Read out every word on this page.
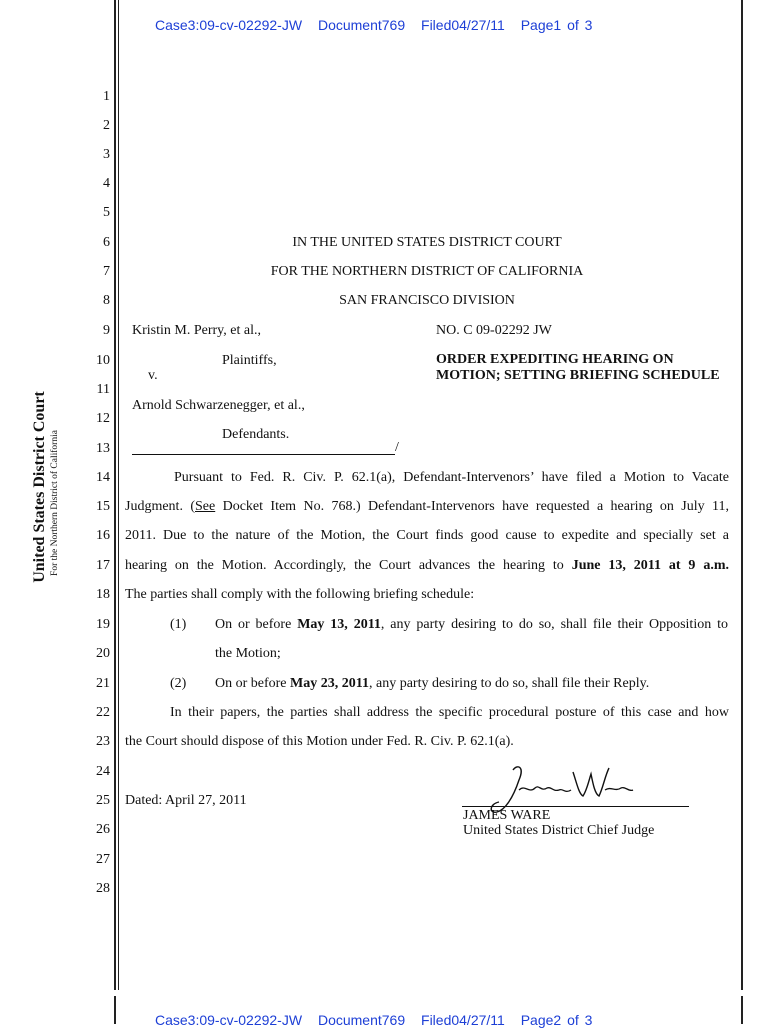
Case3:09-cv-02292-JW Document769 Filed04/27/11 Page1 of 3
United States District Court For the Northern District of California
1
2
3
4
5
6
7
8
9
10
11
12
13
14
15
16
17
18
19
20
21
22
23
24
25
26
27
28
IN THE UNITED STATES DISTRICT COURT
FOR THE NORTHERN DISTRICT OF CALIFORNIA
SAN FRANCISCO DIVISION
Kristin M. Perry, et al.,	NO. C 09-02292 JW
Plaintiffs,
v.
ORDER EXPEDITING HEARING ON MOTION; SETTING BRIEFING SCHEDULE
Arnold Schwarzenegger, et al.,
Defendants.
/
Pursuant to Fed. R. Civ. P. 62.1(a), Defendant-Intervenors’ have filed a Motion to Vacate
Judgment. (See Docket Item No. 768.) Defendant-Intervenors have requested a hearing on July 11,
2011. Due to the nature of the Motion, the Court finds good cause to expedite and specially set a
hearing on the Motion. Accordingly, the Court advances the hearing to June 13, 2011 at 9 a.m.
The parties shall comply with the following briefing schedule:
(1) On or before May 13, 2011, any party desiring to do so, shall file their Opposition to
the Motion;
(2) On or before May 23, 2011, any party desiring to do so, shall file their Reply.
In their papers, the parties shall address the specific procedural posture of this case and how
the Court should dispose of this Motion under Fed. R. Civ. P. 62.1(a).
Dated: April 27, 2011
JAMES WARE
United States District Chief Judge
Case3:09-cv-02292-JW Document769 Filed04/27/11 Page2 of 3
